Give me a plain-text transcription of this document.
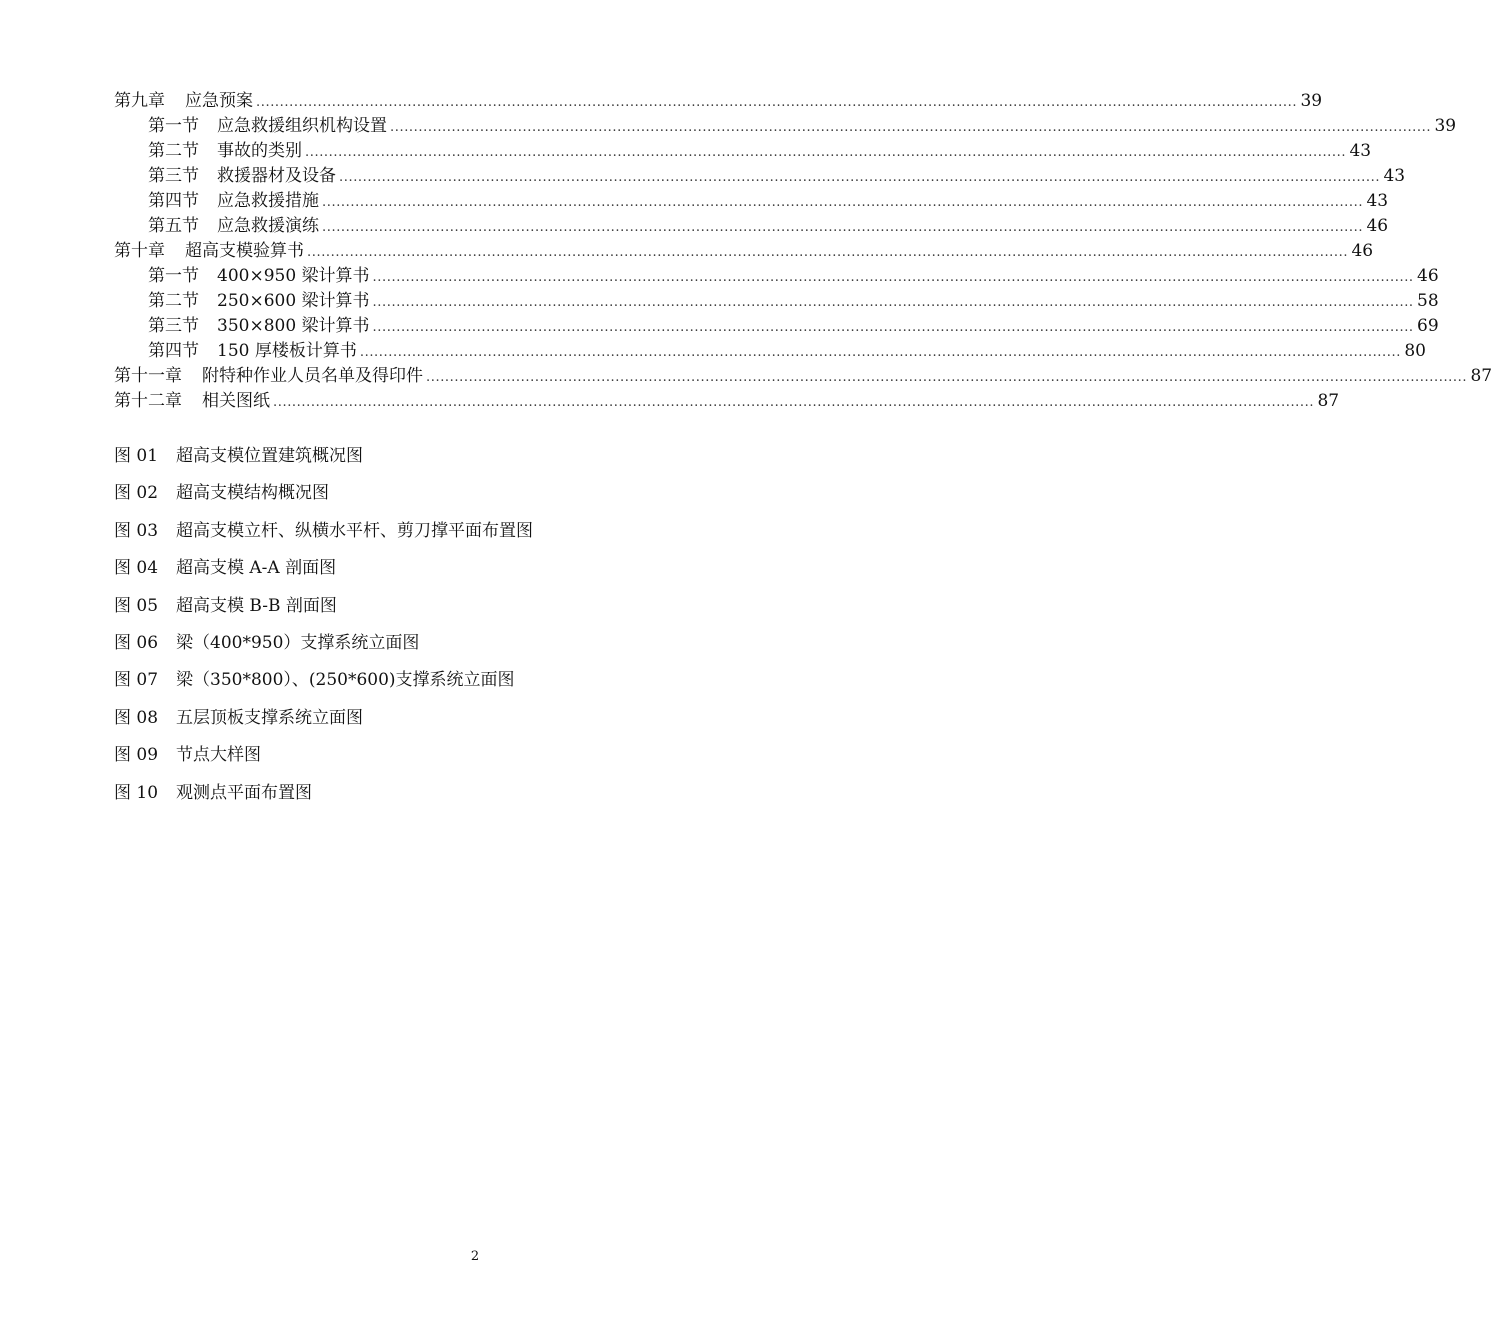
第九章 应急预案 ............................................................................................................................................................................................................................ 39
第一节 应急救援组织机构设置 ............................................................................................................................................................................................................................ 39
第二节 事故的类别 ............................................................................................................................................................................................................................ 43
第三节 救援器材及设备 ............................................................................................................................................................................................................................ 43
第四节 应急救援措施 ............................................................................................................................................................................................................................ 43
第五节 应急救援演练 ............................................................................................................................................................................................................................ 46
第十章 超高支模验算书 ............................................................................................................................................................................................................................ 46
第一节 400×950 梁计算书 ............................................................................................................................................................................................................................ 46
第二节 250×600 梁计算书 ............................................................................................................................................................................................................................ 58
第三节 350×800 梁计算书 ............................................................................................................................................................................................................................ 69
第四节 150 厚楼板计算书 ............................................................................................................................................................................................................................ 80
第十一章 附特种作业人员名单及得印件 ............................................................................................................................................................................................................................ 87
第十二章 相关图纸 ............................................................................................................................................................................................................................ 87
图 01	超高支模位置建筑概况图
图 02	超高支模结构概况图
图 03	超高支模立杆、纵横水平杆、剪刀撑平面布置图
图 04	超高支模 A-A 剖面图
图 05	超高支模 B-B 剖面图
图 06	梁（400*950）支撑系统立面图
图 07	梁（350*800）、(250*600)支撑系统立面图
图 08	五层顶板支撑系统立面图
图 09	节点大样图
图 10	观测点平面布置图
2
